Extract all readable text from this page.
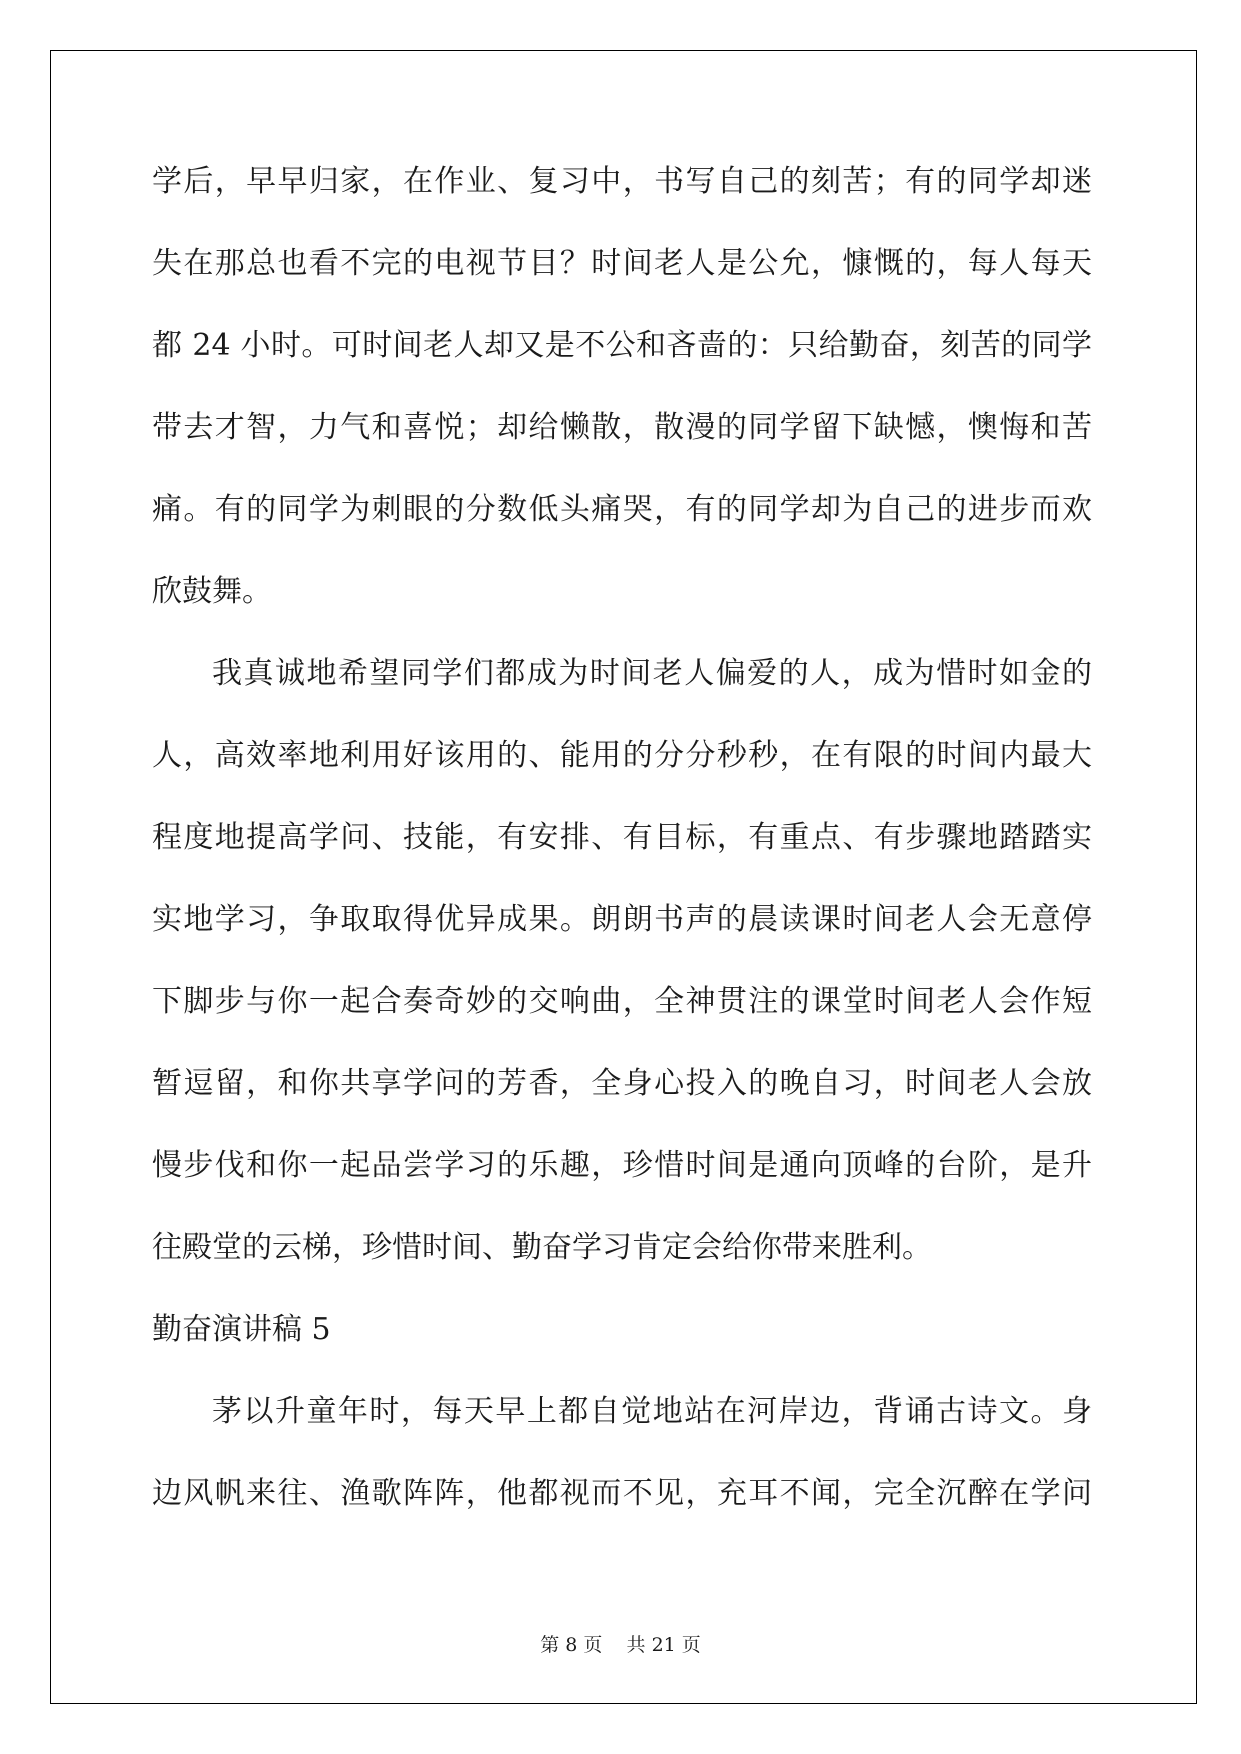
学后，早早归家，在作业、复习中，书写自己的刻苦；有的同学却迷
失在那总也看不完的电视节目？时间老人是公允，慷慨的，每人每天
都 24 小时。可时间老人却又是不公和吝啬的：只给勤奋，刻苦的同学
带去才智，力气和喜悦；却给懒散，散漫的同学留下缺憾，懊悔和苦
痛。有的同学为刺眼的分数低头痛哭，有的同学却为自己的进步而欢
欣鼓舞。
我真诚地希望同学们都成为时间老人偏爱的人，成为惜时如金的
人，高效率地利用好该用的、能用的分分秒秒，在有限的时间内最大
程度地提高学问、技能，有安排、有目标，有重点、有步骤地踏踏实
实地学习，争取取得优异成果。朗朗书声的晨读课时间老人会无意停
下脚步与你一起合奏奇妙的交响曲，全神贯注的课堂时间老人会作短
暂逗留，和你共享学问的芳香，全身心投入的晚自习，时间老人会放
慢步伐和你一起品尝学习的乐趣，珍惜时间是通向顶峰的台阶，是升
往殿堂的云梯，珍惜时间、勤奋学习肯定会给你带来胜利。
勤奋演讲稿 5
茅以升童年时，每天早上都自觉地站在河岸边，背诵古诗文。身
边风帆来往、渔歌阵阵，他都视而不见，充耳不闻，完全沉醉在学问
第 8 页 共 21 页
